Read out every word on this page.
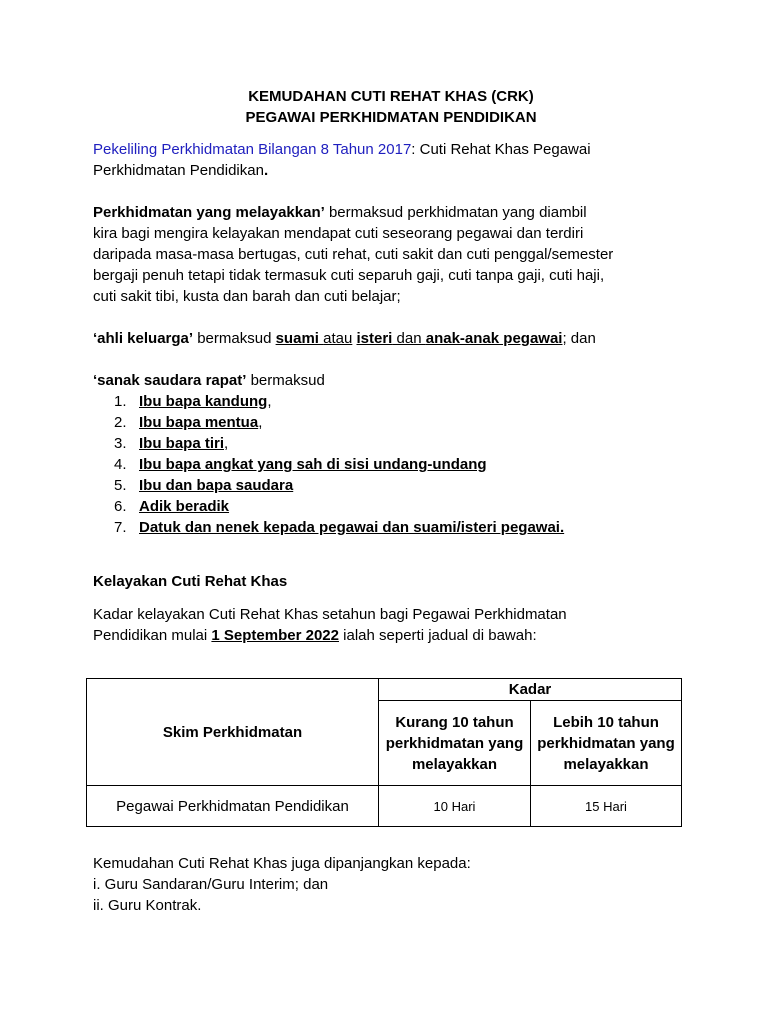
KEMUDAHAN CUTI REHAT KHAS (CRK)
PEGAWAI PERKHIDMATAN PENDIDIKAN
Pekeliling Perkhidmatan Bilangan 8 Tahun 2017: Cuti Rehat Khas Pegawai
Perkhidmatan Pendidikan.
Perkhidmatan yang melayakkan’ bermaksud perkhidmatan yang diambil
kira bagi mengira kelayakan mendapat cuti seseorang pegawai dan terdiri
daripada masa-masa bertugas, cuti rehat, cuti sakit dan cuti penggal/semester
bergaji penuh tetapi tidak termasuk cuti separuh gaji, cuti tanpa gaji, cuti haji,
cuti sakit tibi, kusta dan barah dan cuti belajar;
‘ahli keluarga’ bermaksud suami atau isteri dan anak-anak pegawai; dan
‘sanak saudara rapat’ bermaksud
1. Ibu bapa kandung,
2. Ibu bapa mentua,
3. Ibu bapa tiri,
4. Ibu bapa angkat yang sah di sisi undang-undang
5. Ibu dan bapa saudara
6. Adik beradik
7. Datuk dan nenek kepada pegawai dan suami/isteri pegawai.
Kelayakan Cuti Rehat Khas
Kadar kelayakan Cuti Rehat Khas setahun bagi Pegawai Perkhidmatan
Pendidikan mulai 1 September 2022 ialah seperti jadual di bawah:
Skim Perkhidmatan	Kadar	
	Kurang 10 tahun perkhidmatan yang melayakkan	Lebih 10 tahun perkhidmatan yang melayakkan
Pegawai Perkhidmatan Pendidikan	10 Hari	15 Hari
Kemudahan Cuti Rehat Khas juga dipanjangkan kepada:
i. Guru Sandaran/Guru Interim; dan
ii. Guru Kontrak.
